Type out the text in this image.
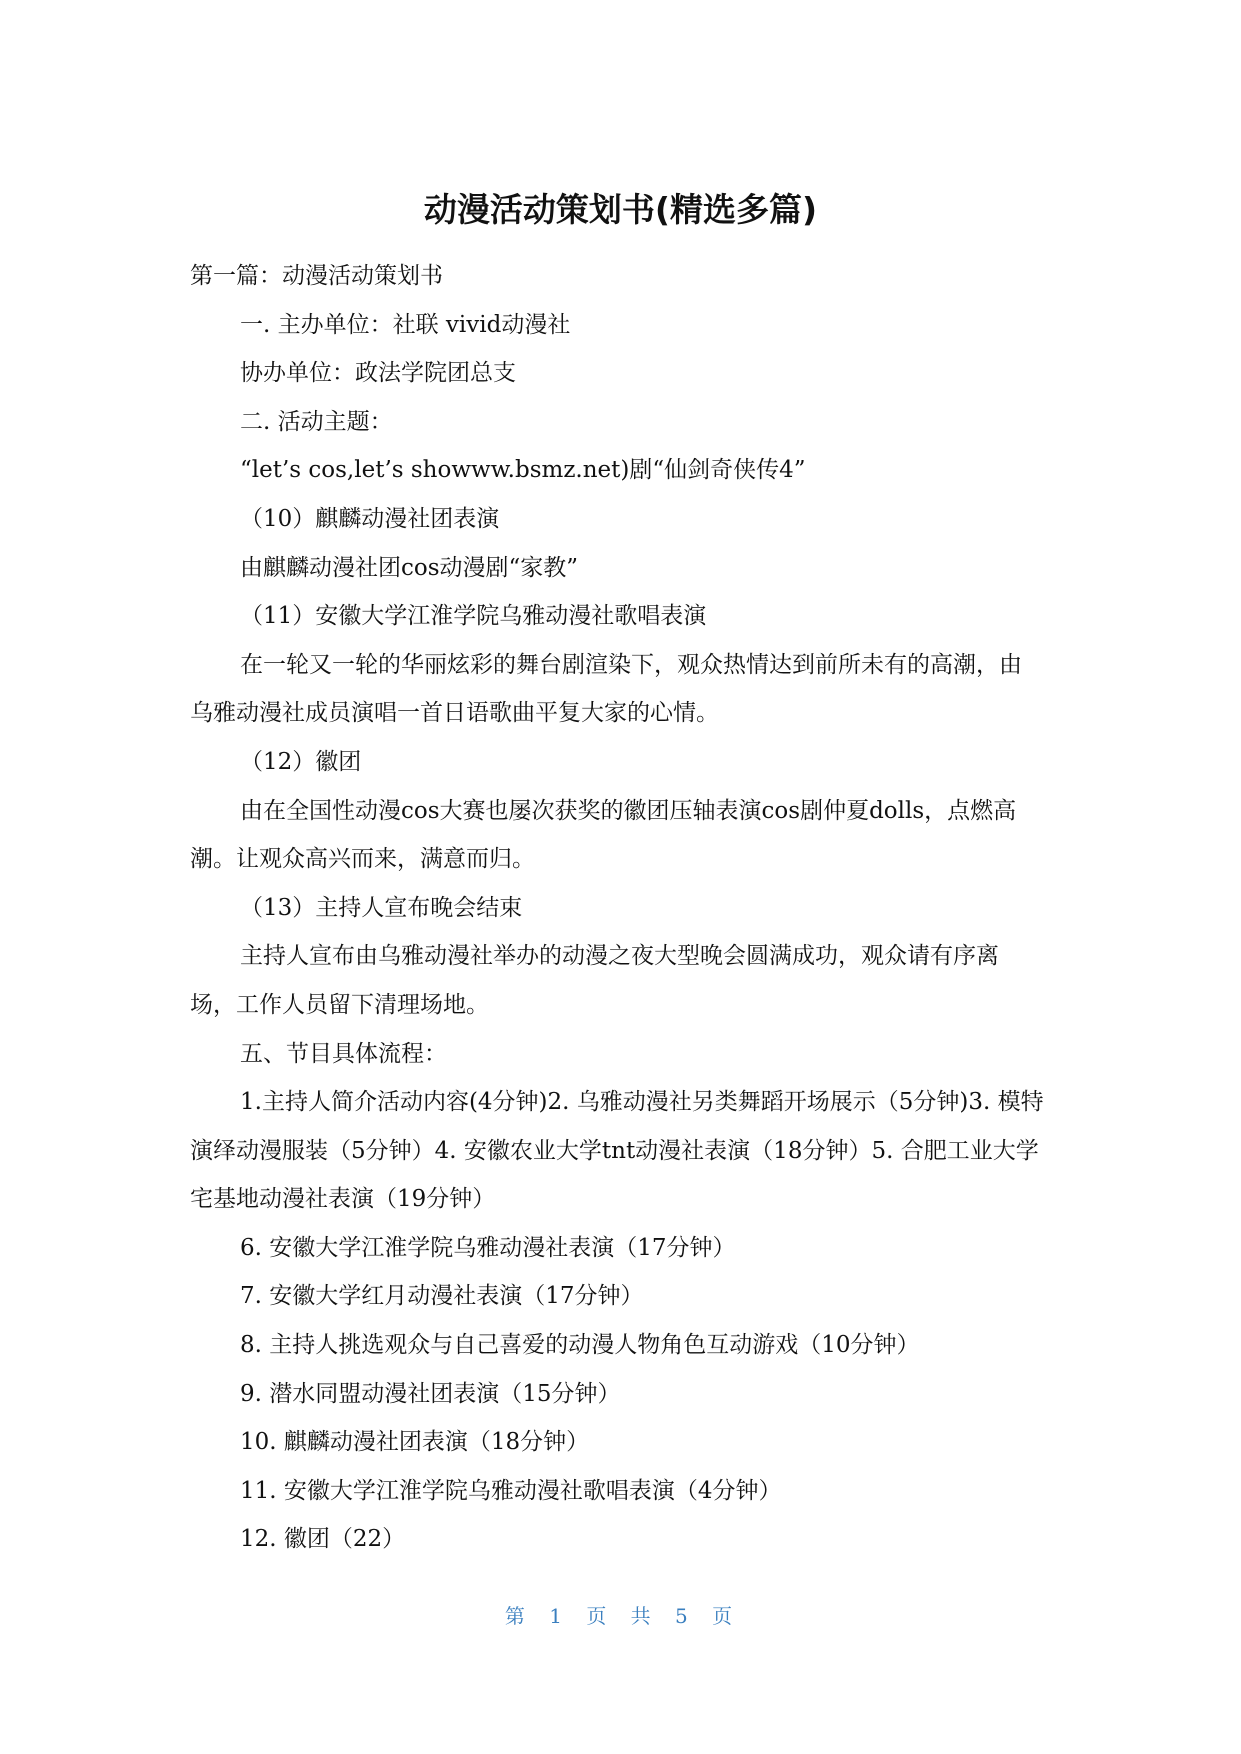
动漫活动策划书(精选多篇)

第一篇：动漫活动策划书

一. 主办单位：社联 vivid动漫社

协办单位：政法学院团总支

二. 活动主题：

“let’s cos,let’s showww.bsmz.net)剧“仙剑奇侠传4”

（10）麒麟动漫社团表演

由麒麟动漫社团cos动漫剧“家教”

（11）安徽大学江淮学院乌雅动漫社歌唱表演

在一轮又一轮的华丽炫彩的舞台剧渲染下，观众热情达到前所未有的高潮，由乌雅动漫社成员演唱一首日语歌曲平复大家的心情。

（12）徽团

由在全国性动漫cos大赛也屡次获奖的徽团压轴表演cos剧仲夏dolls，点燃高潮。让观众高兴而来，满意而归。

（13）主持人宣布晚会结束

主持人宣布由乌雅动漫社举办的动漫之夜大型晚会圆满成功，观众请有序离场，工作人员留下清理场地。

五、节目具体流程：

1.主持人简介活动内容(4分钟)2. 乌雅动漫社另类舞蹈开场展示（5分钟)3. 模特演绎动漫服装（5分钟）4. 安徽农业大学tnt动漫社表演（18分钟）5. 合肥工业大学宅基地动漫社表演（19分钟）

6. 安徽大学江淮学院乌雅动漫社表演（17分钟）

7. 安徽大学红月动漫社表演（17分钟）

8. 主持人挑选观众与自己喜爱的动漫人物角色互动游戏（10分钟）

9. 潜水同盟动漫社团表演（15分钟）

10. 麒麟动漫社团表演（18分钟）

11. 安徽大学江淮学院乌雅动漫社歌唱表演（4分钟）

12. 徽团（22）

第 1 页 共 5 页
